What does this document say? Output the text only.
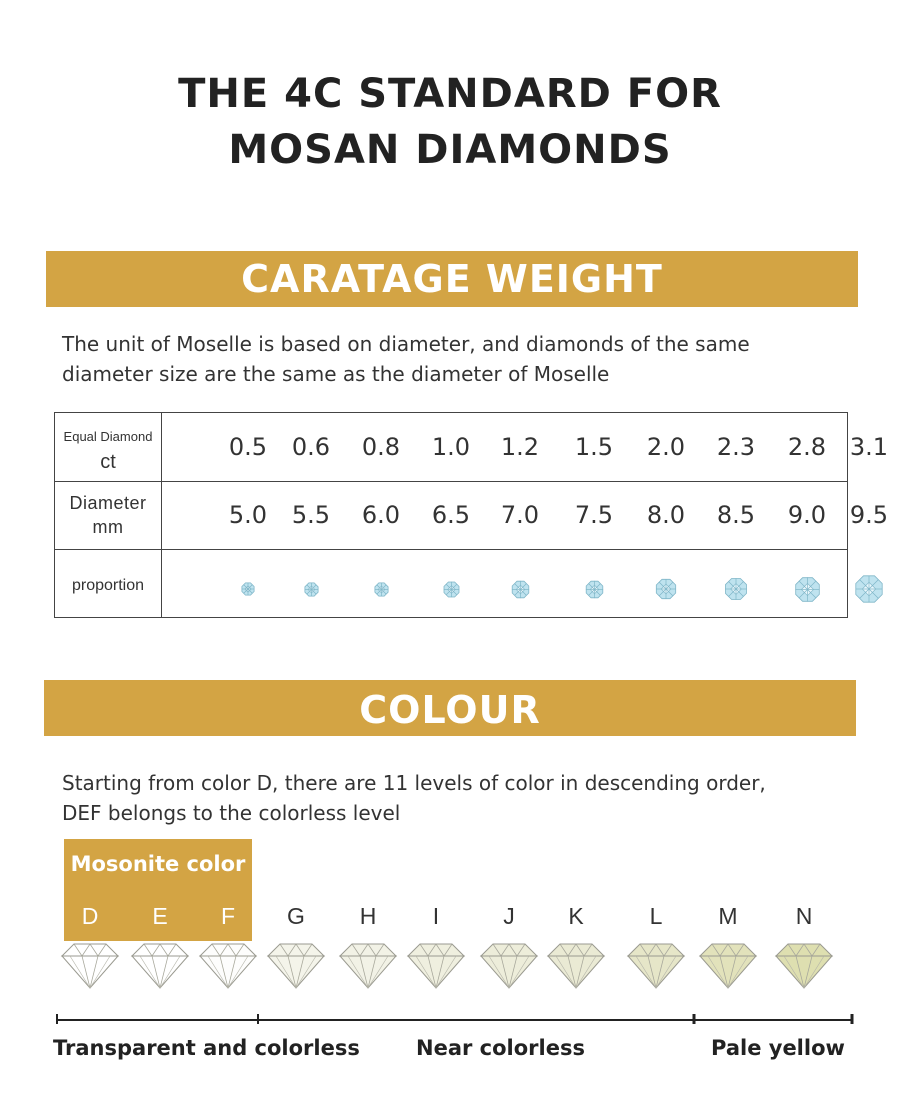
THE 4C STANDARD FOR
MOSAN DIAMONDS
CARATAGE WEIGHT
The unit of Moselle is based on diameter, and diamonds of the same
diameter size are the same as the diameter of Moselle
Equal Diamond
ct
0.5 0.6 0.8 1.0 1.2 1.5 2.0 2.3 2.8 3.1
Diameter
mm	5.0 5.5 6.0 6.5 7.0 7.5 8.0 8.5 9.0 9.5
proportion
COLOUR
Starting from color D, there are 11 levels of color in descending order,
DEF belongs to the colorless level
Mosonite color
D	E	F	G	H	I	J	K	L	M	N
Transparent and colorless	Near colorless	Pale yellow
